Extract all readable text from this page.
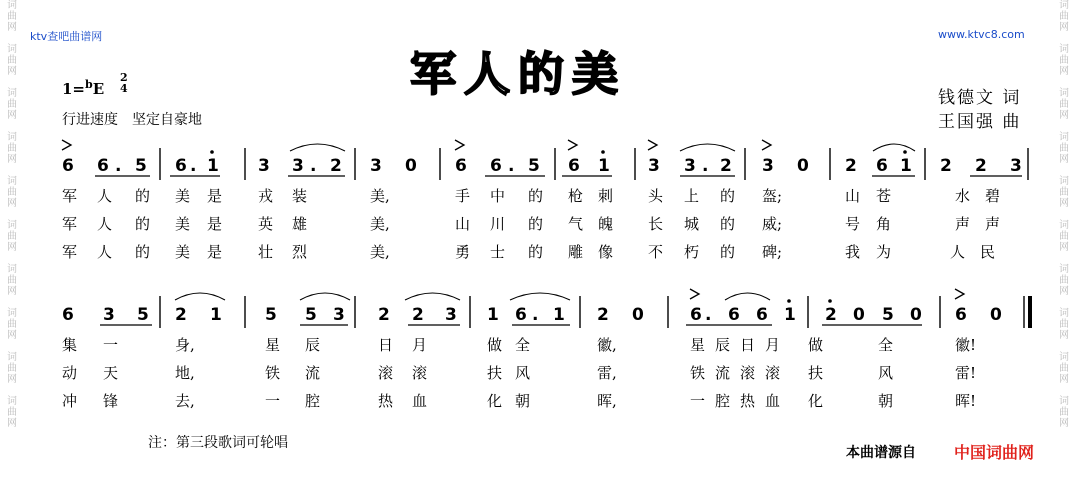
词
曲
网

词
曲
网

词
曲
网

词
曲
网

词
曲
网

词
曲
网

词
曲
网

词
曲
网

词
曲
网

词
曲
网
词
曲
网

词
曲
网

词
曲
网

词
曲
网

词
曲
网

词
曲
网

词
曲
网

词
曲
网

词
曲
网

词
曲
网
ktv查吧曲谱网	www.ktvc8.com
军人的美
1=$^b$E
2
4
行进速度　坚定自豪地
钱德文 词
王国强 曲
6 6 . 5 6 . 1 3 3 . 2 3 0 6 6 . 5 6 1 3 3 . 2 3 0 2 6 1 2 2 3
军 人 的 美 是 戎 装	美,	手 中 的 枪 刺 头 上 的 盔;	山 苍	水 碧
军 人 的 美 是 英 雄	美,	山 川 的 气 魄 长 城 的 威;	号 角	声 声
军 人 的 美 是 壮 烈	美,	勇 士 的 雕 像 不 朽 的 碑;	我 为	人 民
6 3 5 2 1	5 5 3 2 2 3 1 6 . 1 2 0	6 . 6 6 1 2 0 5 0 6 0
集 一	身,	星 辰	日 月	做 全	徽,	星 辰 日 月 做	全	徽!
动 天	地,	铁 流	滚 滚	扶 风	雷,	铁 流 滚 滚 扶	风	雷!
冲 锋	去,	一 腔	热 血	化 朝	晖,	一 腔 热 血 化	朝	晖!
注：第三段歌词可轮唱
本曲谱源自 中国词曲网
